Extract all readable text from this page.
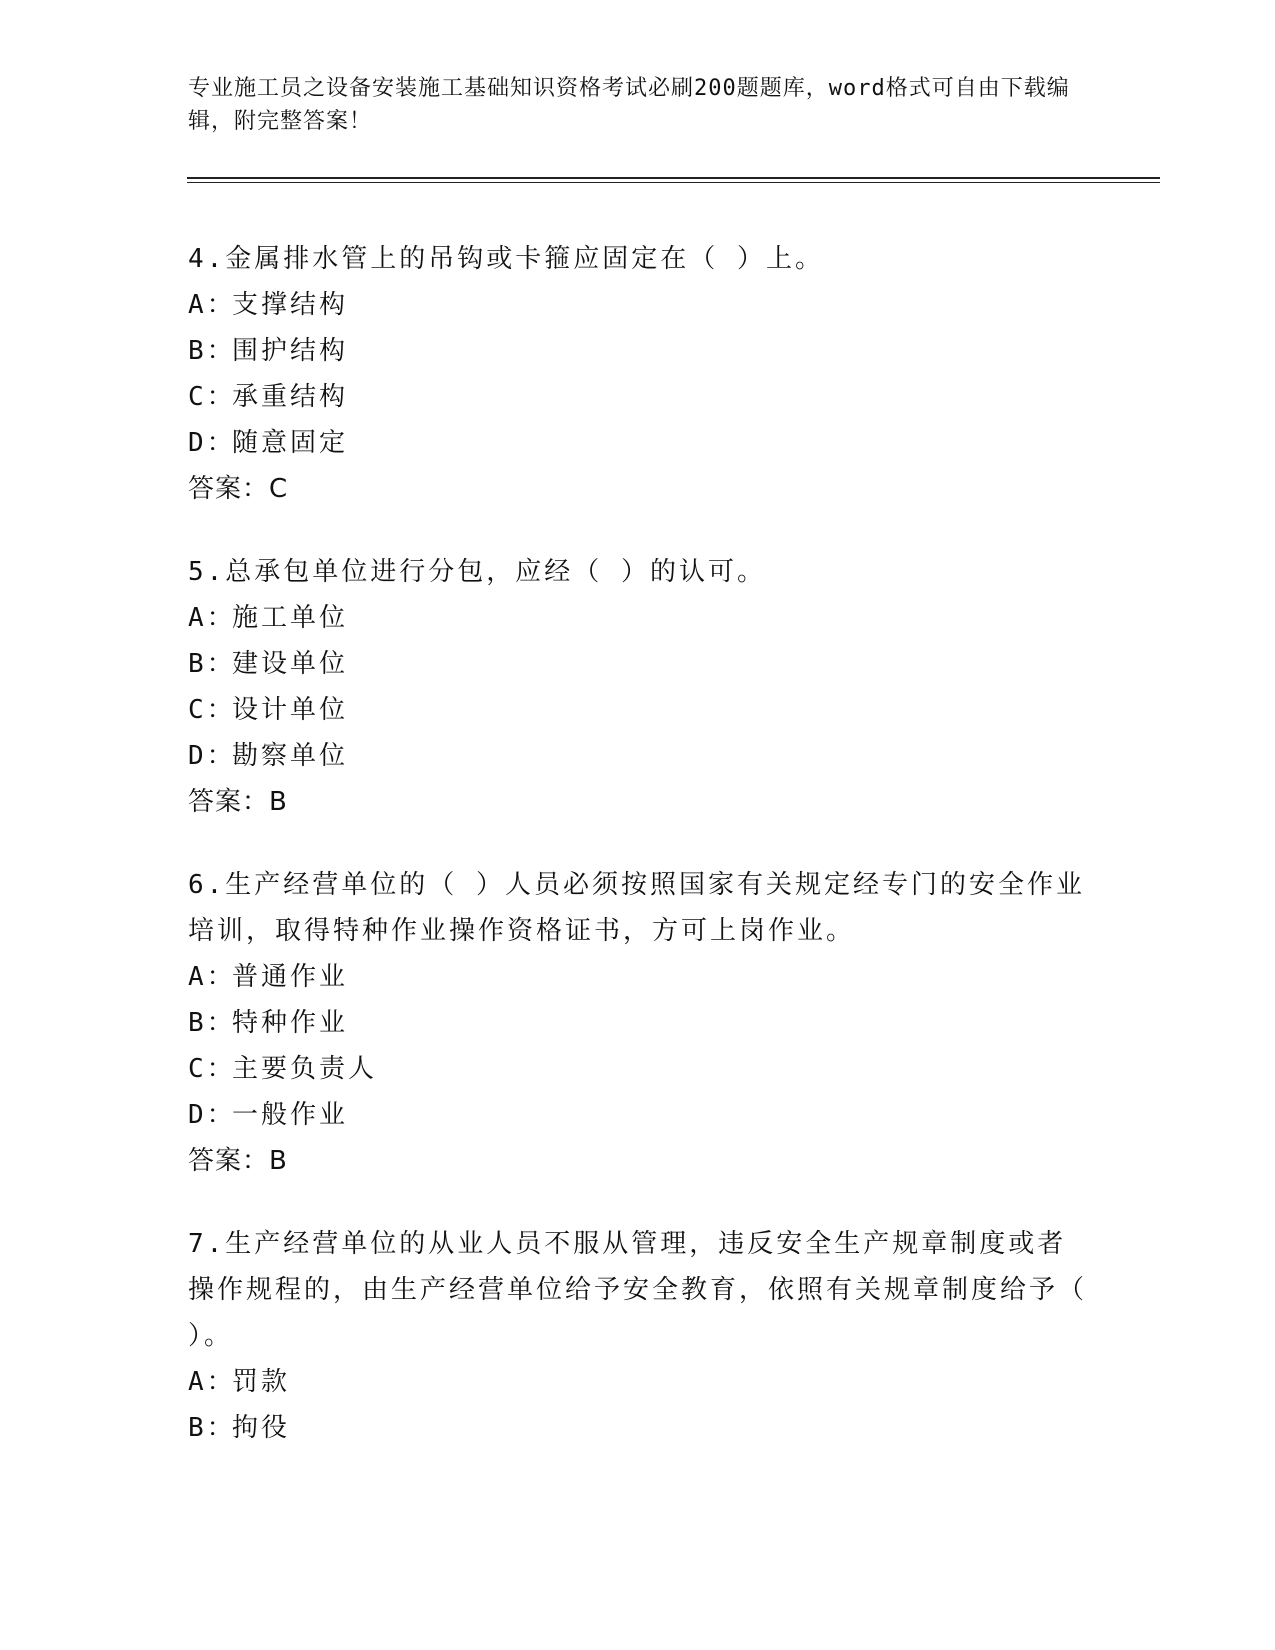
专业施工员之设备安装施工基础知识资格考试必刷200题题库，word格式可自由下载编辑，附完整答案！

4.金属排水管上的吊钩或卡箍应固定在（ ）上。

A：支撑结构

B：围护结构

C：承重结构

D：随意固定

答案：C

5.总承包单位进行分包，应经（ ）的认可。

A：施工单位

B：建设单位

C：设计单位

D：勘察单位

答案：B

6.生产经营单位的（ ）人员必须按照国家有关规定经专门的安全作业培训，取得特种作业操作资格证书，方可上岗作业。

A：普通作业

B：特种作业

C：主要负责人

D：一般作业

答案：B

7.生产经营单位的从业人员不服从管理，违反安全生产规章制度或者操作规程的，由生产经营单位给予安全教育，依照有关规章制度给予（ ）。

A：罚款

B：拘役
